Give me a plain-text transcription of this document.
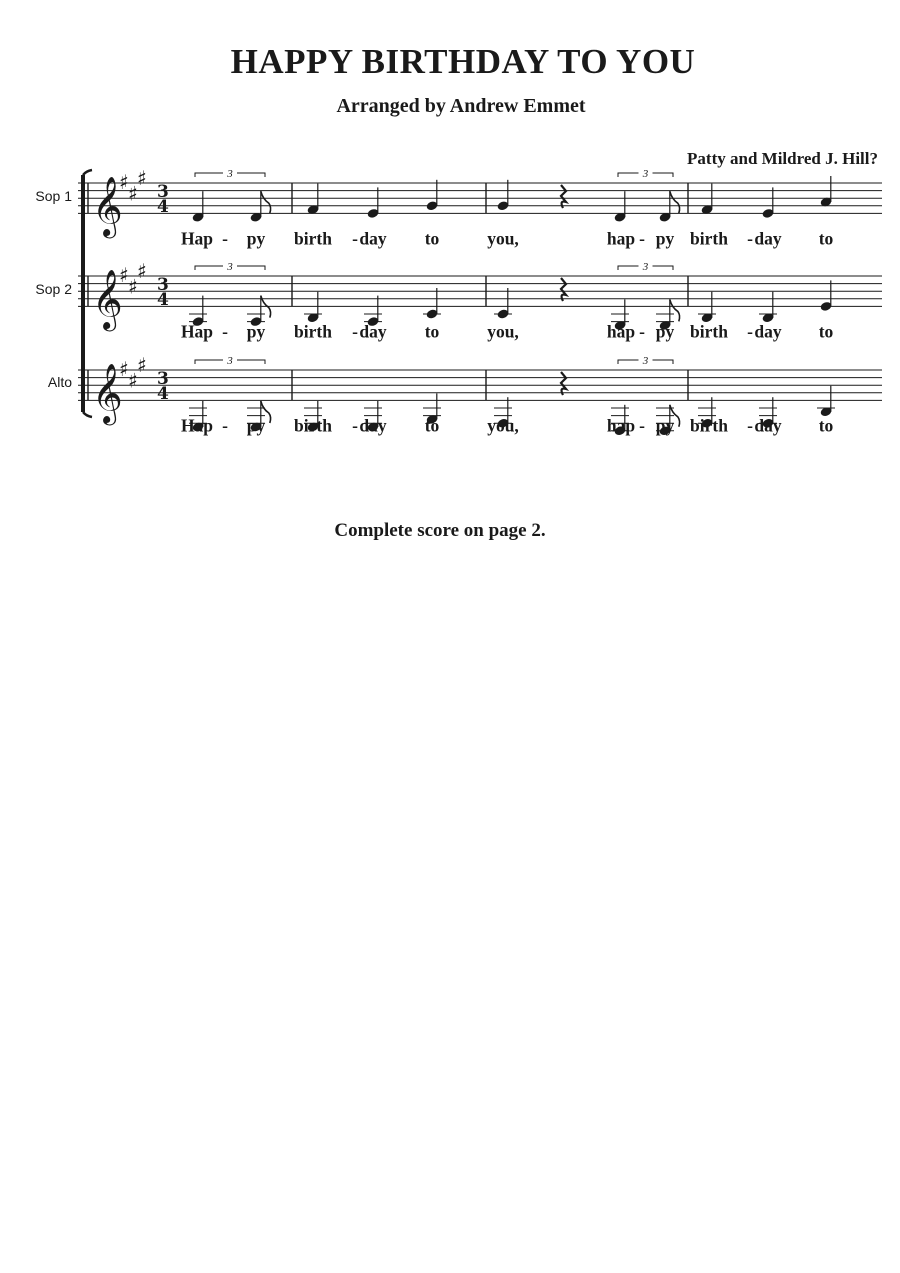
HAPPY BIRTHDAY TO YOU
Arranged by Andrew Emmet
Patty and Mildred J. Hill?
Sop 1
Sop 2
Alto
𝄞
♯ ♯
♯
3
4
3	3
Hap - py birth - day to	you,	hap - py birth - day to
𝄞
♯ ♯
♯
3
4
3	3
Hap - py birth - day to	you,	hap - py birth - day to
𝄞
♯ ♯
♯
3
4
3	3
Hap - py birth - day to	you,	hap - py birth - day to
Complete score on page 2.
